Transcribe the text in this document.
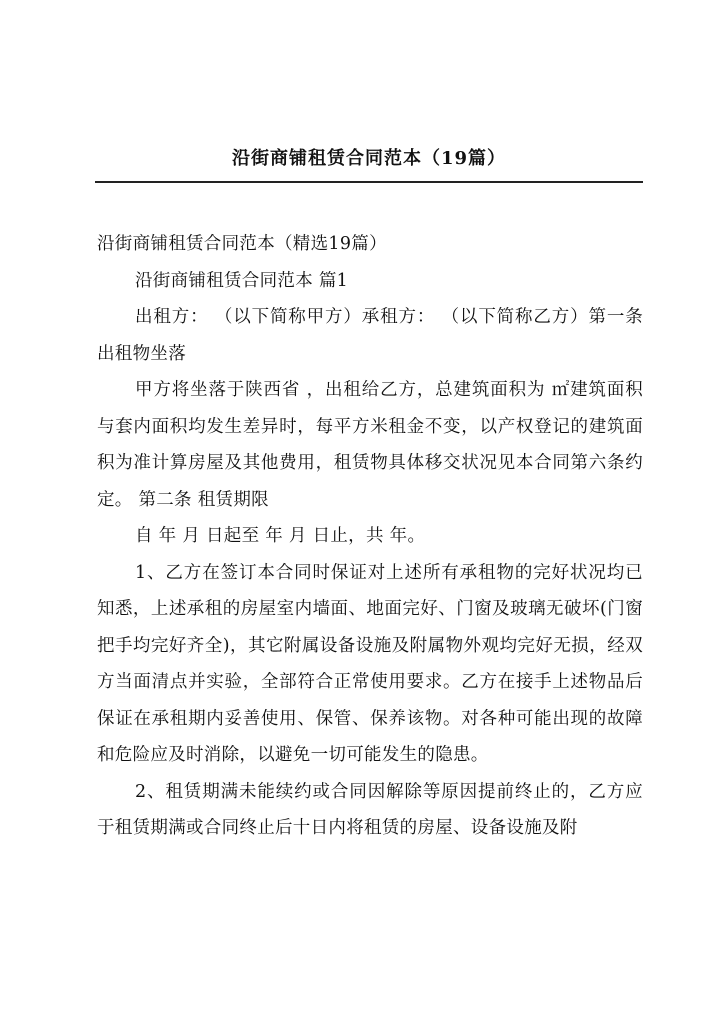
沿街商铺租赁合同范本（19篇）

沿街商铺租赁合同范本（精选19篇）

沿街商铺租赁合同范本 篇1

出租方： （以下简称甲方）承租方： （以下简称乙方）第一条 出租物坐落

甲方将坐落于陕西省 ，出租给乙方，总建筑面积为 ㎡建筑面积与套内面积均发生差异时，每平方米租金不变，以产权登记的建筑面积为准计算房屋及其他费用，租赁物具体移交状况见本合同第六条约定。 第二条 租赁期限

自 年 月 日起至 年 月 日止，共 年。

1、乙方在签订本合同时保证对上述所有承租物的完好状况均已知悉，上述承租的房屋室内墙面、地面完好、门窗及玻璃无破坏(门窗把手均完好齐全)，其它附属设备设施及附属物外观均完好无损，经双方当面清点并实验，全部符合正常使用要求。乙方在接手上述物品后保证在承租期内妥善使用、保管、保养该物。对各种可能出现的故障和危险应及时消除，以避免一切可能发生的隐患。

2、租赁期满未能续约或合同因解除等原因提前终止的，乙方应于租赁期满或合同终止后十日内将租赁的房屋、设备设施及附
